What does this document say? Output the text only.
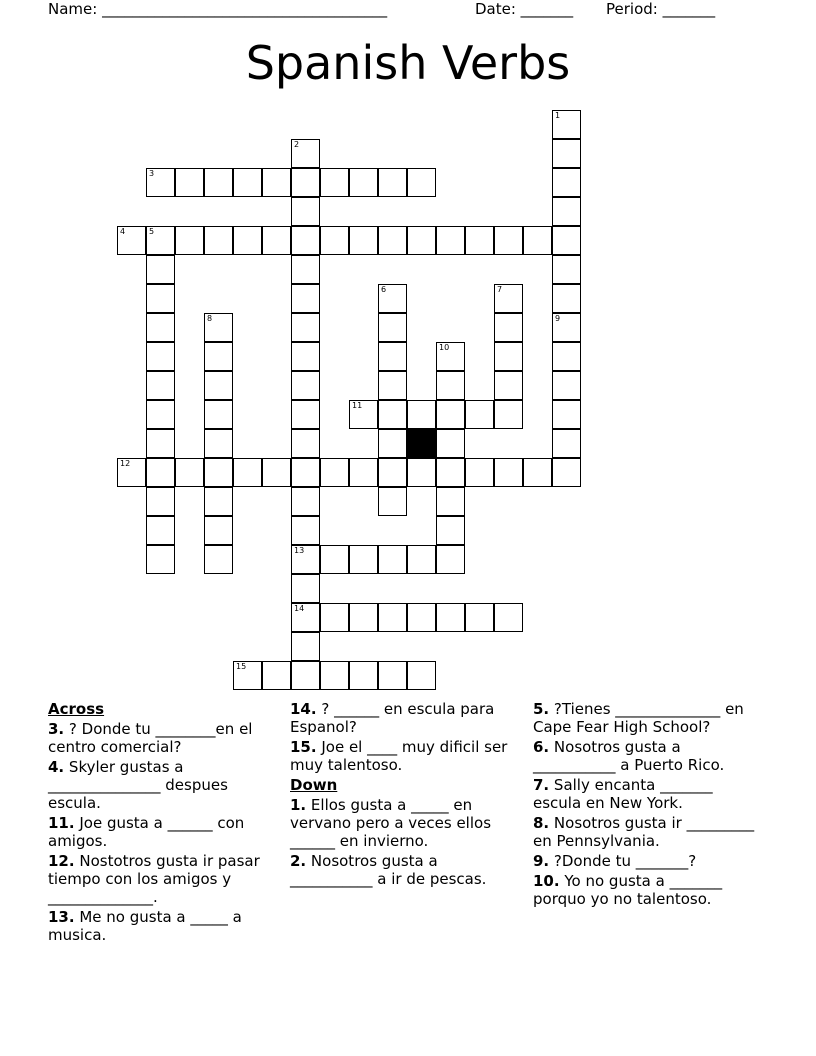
Name: ______________________________________	Date: _______ Period: _______
Spanish Verbs
3
4	5
11
12
13
14
15
1
2
6	7
8	9
10
Across
3. ? Donde tu ________en el centro comercial?
4. Skyler gustas a _______________ despues escula.
11. Joe gusta a ______ con amigos.
12. Nostotros gusta ir pasar tiempo con los amigos y ______________.
13. Me no gusta a _____ a musica.
14. ? ______ en escula para Espanol?
15. Joe el ____ muy dificil ser muy talentoso.
Down
1. Ellos gusta a _____ en vervano pero a veces ellos ______ en invierno.
2. Nosotros gusta a ___________ a ir de pescas.
5. ?Tienes ______________ en Cape Fear High School?
6. Nosotros gusta a ___________ a Puerto Rico.
7. Sally encanta _______ escula en New York.
8. Nosotros gusta ir _________ en Pennsylvania.
9. ?Donde tu _______?
10. Yo no gusta a _______ porquo yo no talentoso.
